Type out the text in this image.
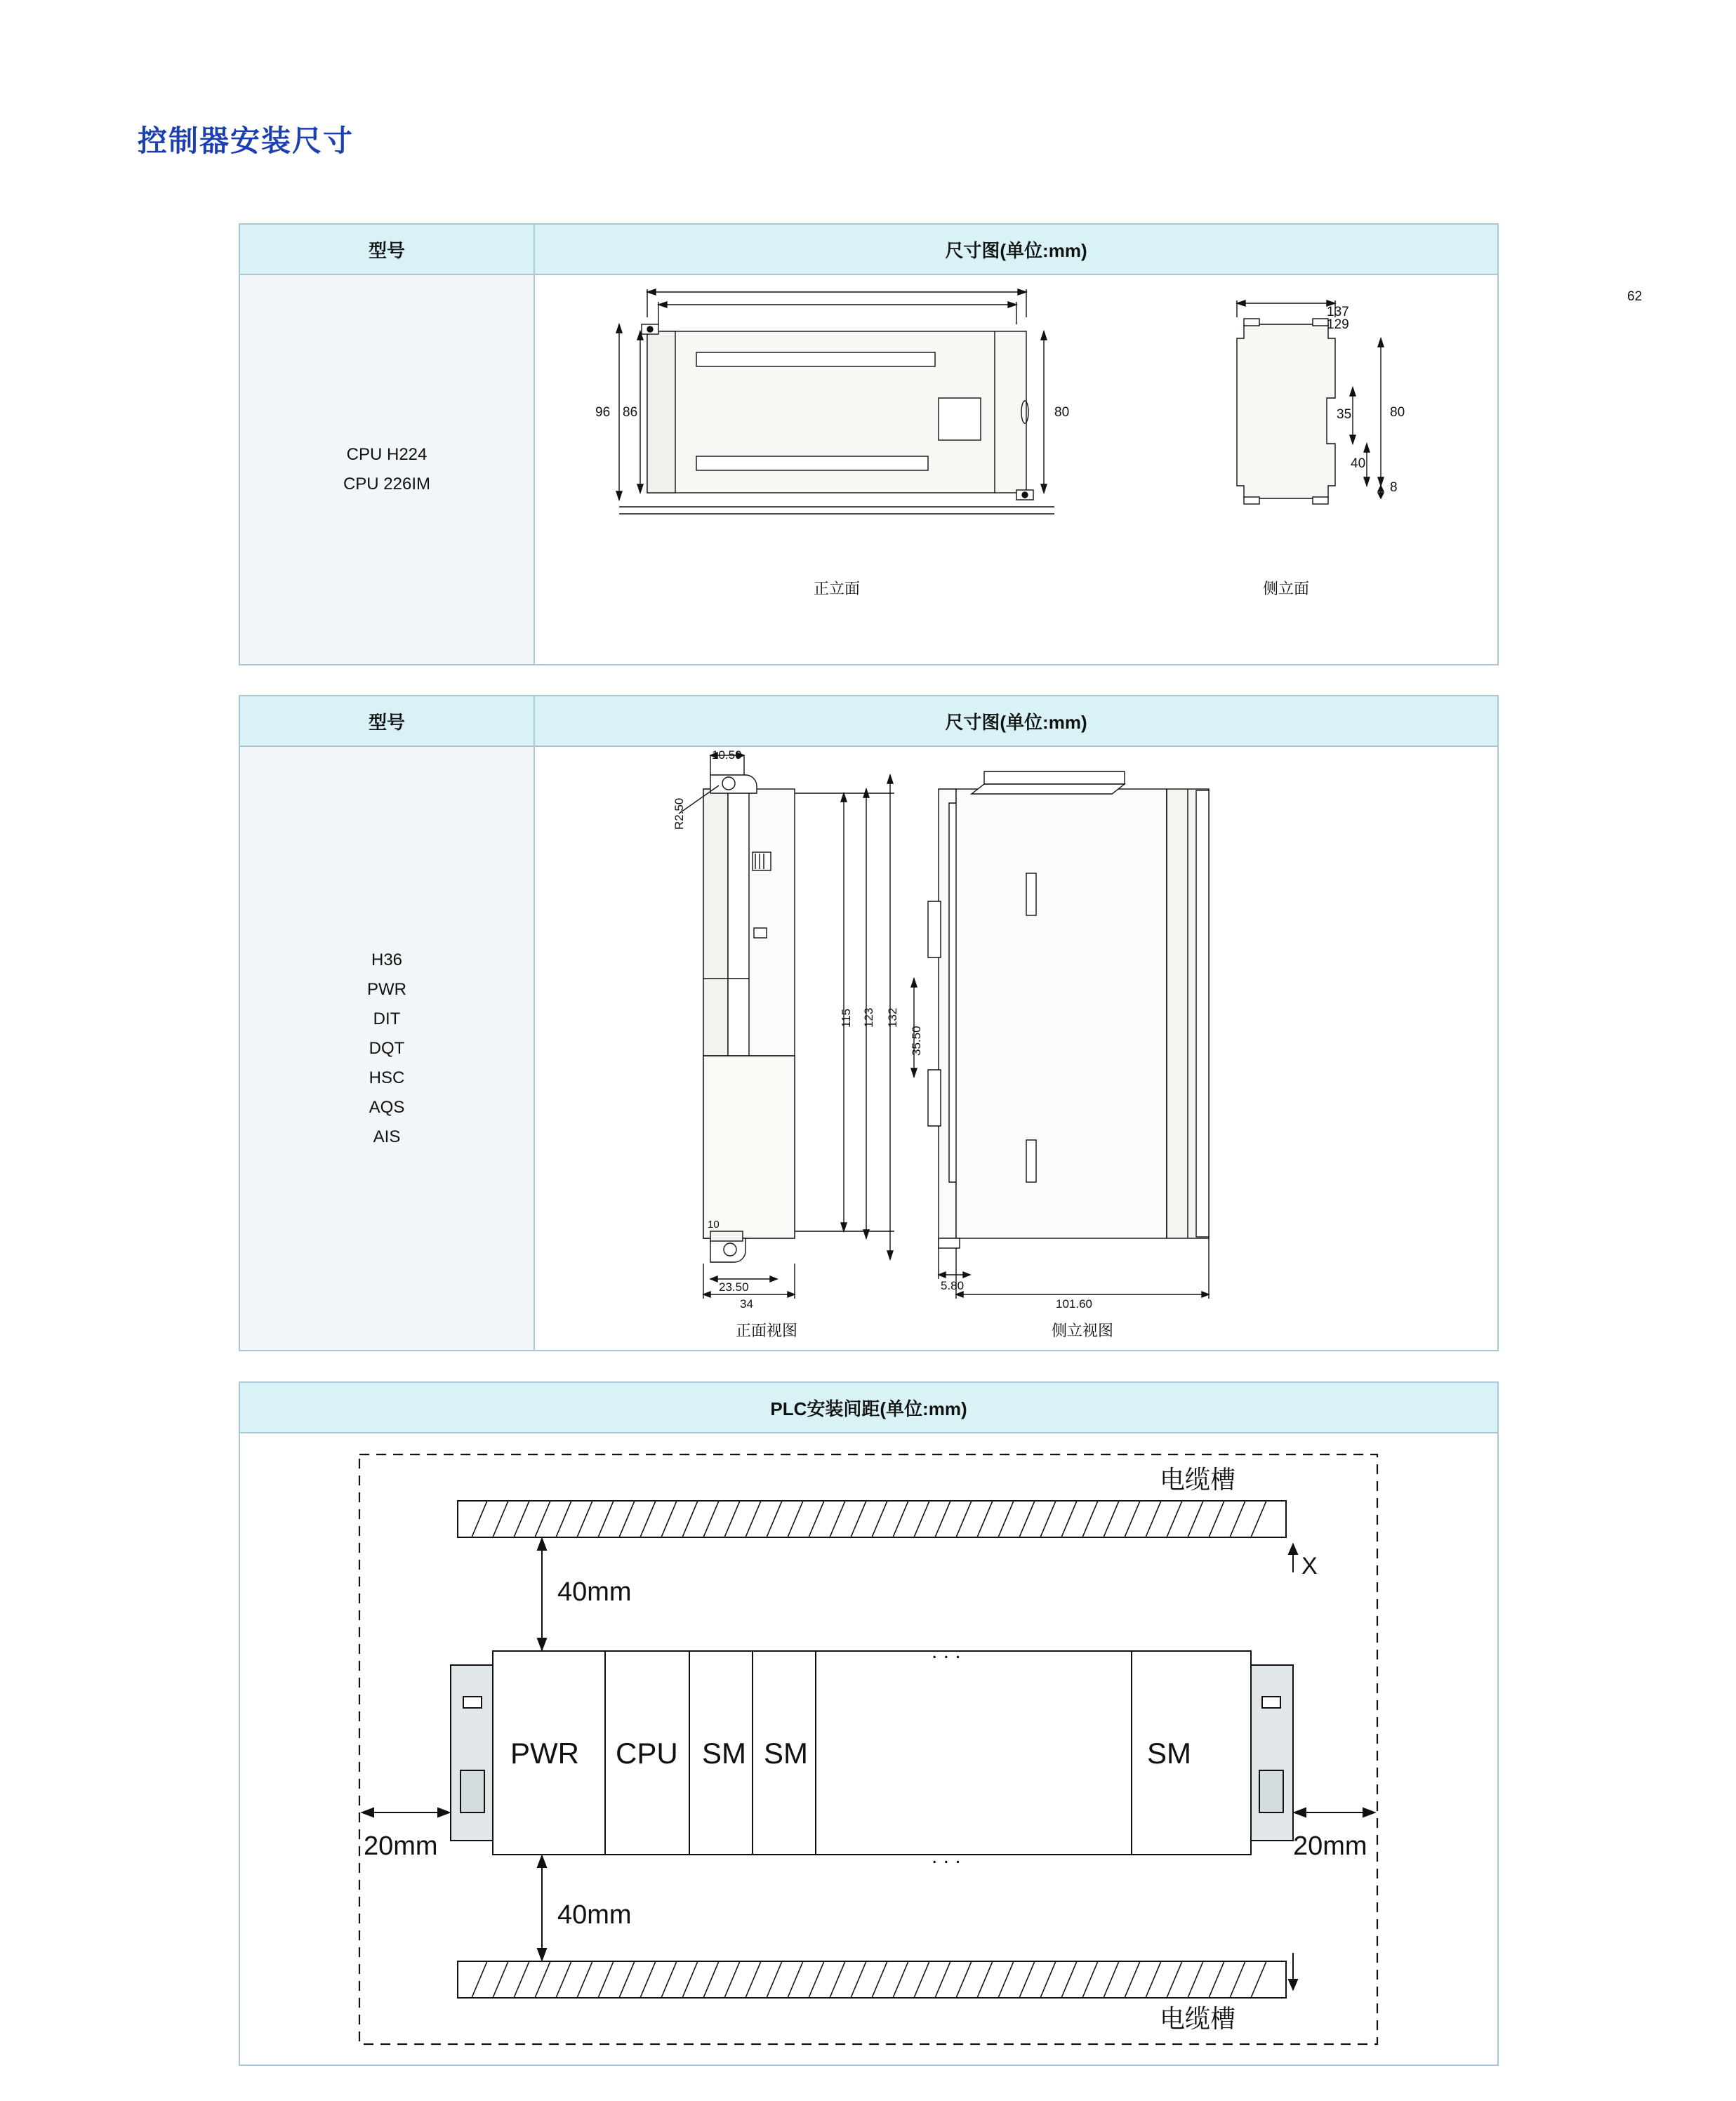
控制器安装尺寸
型号	尺寸图(单位:mm)
CPU H224
CPU 226IM
137
129
96 86	80
62
35
40
80
8
正立面	侧立面
型号	尺寸图(单位:mm)
H36
PWR
DIT
DQT
HSC
AQS
AIS
10.50
R2.50
115 123 132
23.50
34
10
35.50
5.80
101.60
正面视图	侧立视图
PLC安装间距(单位:mm)
电缆槽
电缆槽
X
40mm
40mm
20mm	20mm
PWR CPU SM SM	SM
. . .
. . .
